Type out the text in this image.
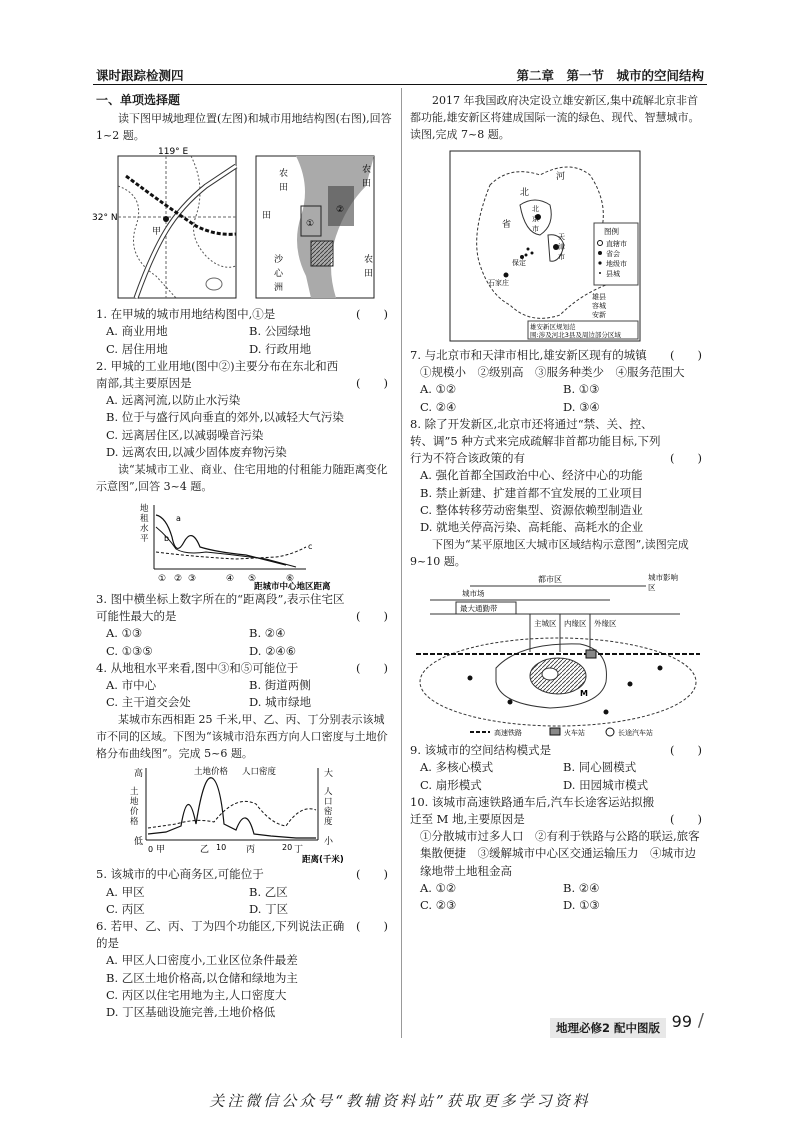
课时跟踪检测四	第二章　第一节　城市的空间结构

一、单项选择题

读下图甲城地理位置(左图)和城市用地结构图(右图),回答 1~2 题。

119° E
32° N
甲
农
田
农
田
农
田
沙
心
洲
田
①
②
1. 在甲城的城市用地结构图中,①是	(　　)
A. 商业用地	B. 公园绿地
C. 居住用地	D. 行政用地
2. 甲城的工业用地(图中②)主要分布在东北和西南部,其主要原因是	(　　)
A. 远离河流,以防止水污染
B. 位于与盛行风向垂直的郊外,以减轻大气污染
C. 远离居住区,以减弱噪音污染
D. 远离农田,以减少固体废弃物污染

读“某城市工业、商业、住宅用地的付租能力随距离变化示意图”,回答 3~4 题。

地
租
水
平
a
b
c
① ② ③	④ ⑤	⑥
距城市中心地区距离
3. 图中横坐标上数字所在的“距离段”,表示住宅区可能性最大的是	(　　)
A. ①③	B. ②④
C. ①③⑤	D. ②④⑥
4. 从地租水平来看,图中③和⑤可能位于	(　　)
A. 市中心	B. 街道两侧
C. 主干道交会处	D. 城市绿地

某城市东西相距 25 千米,甲、乙、丙、丁分别表示该城市不同的区域。下图为“该城市沿东西方向人口密度与土地价格分布曲线图”。完成 5~6 题。

高
低
大
小
土
地
价
格
人
口
密
度
土地价格 人口密度
甲	乙	丙	丁
0	10	20
距离(千米)
5. 该城市的中心商务区,可能位于	(　　)
A. 甲区	B. 乙区
C. 丙区	D. 丁区
6. 若甲、乙、丙、丁为四个功能区,下列说法正确的是
(　　)
A. 甲区人口密度小,工业区位条件最差
B. 乙区土地价格高,以仓储和绿地为主
C. 丙区以住宅用地为主,人口密度大
D. 丁区基础设施完善,土地价格低

2017 年我国政府决定设立雄安新区,集中疏解北京非首都功能,雄安新区将建成国际一流的绿色、现代、智慧城市。读图,完成 7~8 题。

河
北
省
北
京
市
天
津
市
保定
石家庄
图例
直辖市
省会
地级市
县城
雄县
容城
安新
雄安新区规划范
围:涉及河北3县及周边部分区域
7. 与北京市和天津市相比,雄安新区现有的城镇 (　　)
①规模小　②级别高　③服务种类少　④服务范围大
A. ①②	B. ①③
C. ②④	D. ③④
8. 除了开发新区,北京市还将通过“禁、关、控、转、调”5 种方式来完成疏解非首都功能目标,下列行为不符合该政策的有	(　　)
A. 强化首都全国政治中心、经济中心的功能
B. 禁止新建、扩建首都不宜发展的工业项目
C. 整体转移劳动密集型、资源依赖型制造业
D. 就地关停高污染、高耗能、高耗水的企业

下图为“某平原地区大城市区域结构示意图”,读图完成 9~10 题。

都市区
城市场
最大通勤带
城市影响
区
主城区 内缘区 外缘区
M
高速铁路	火车站	长途汽车站
9. 该城市的空间结构模式是	(　　)
A. 多核心模式	B. 同心圆模式
C. 扇形模式	D. 田园城市模式
10. 该城市高速铁路通车后,汽车长途客运站拟搬迁至 M 地,主要原因是	(　　)
①分散城市过多人口　②有利于铁路与公路的联运,旅客集散便捷　③缓解城市中心区交通运输压力　④城市边缘地带土地租金高
A. ①②	B. ②④
C. ②③	D. ①③
地理必修2 配中图版 99 /
关注微信公众号“教辅资料站”获取更多学习资料
